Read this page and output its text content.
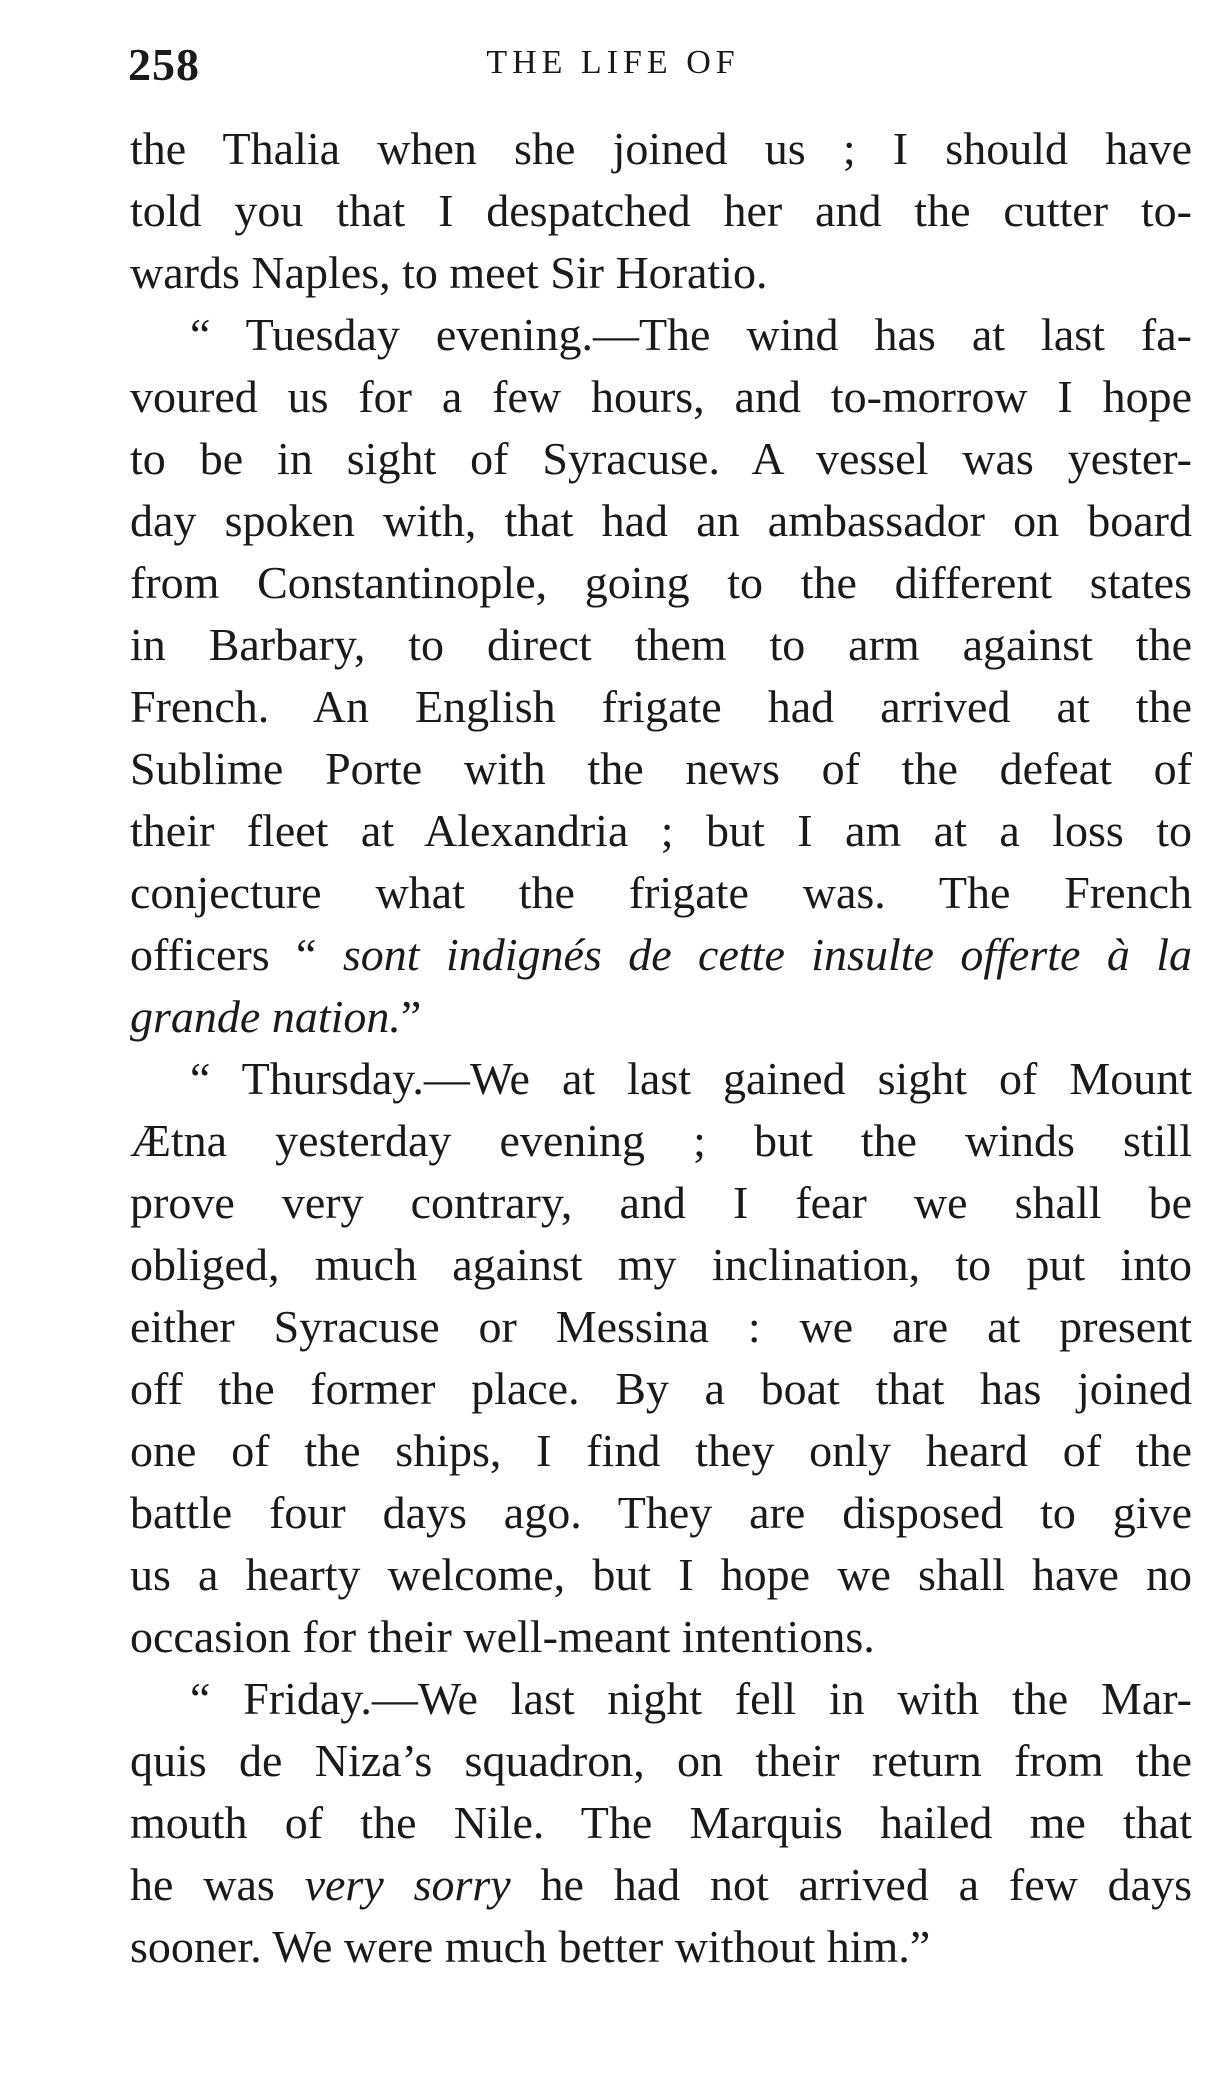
258	THE LIFE OF
the Thalia when she joined us ; I should have
told you that I despatched her and the cutter to-
wards Naples, to meet Sir Horatio.
“ Tuesday evening.—The wind has at last fa-
voured us for a few hours, and to-morrow I hope
to be in sight of Syracuse. A vessel was yester-
day spoken with, that had an ambassador on board
from Constantinople, going to the different states
in Barbary, to direct them to arm against the
French. An English frigate had arrived at the
Sublime Porte with the news of the defeat of
their fleet at Alexandria ; but I am at a loss to
conjecture what the frigate was. The French
officers “ sont indignés de cette insulte offerte à la
grande nation.”
“ Thursday.—We at last gained sight of Mount
Ætna yesterday evening ; but the winds still
prove very contrary, and I fear we shall be
obliged, much against my inclination, to put into
either Syracuse or Messina : we are at present
off the former place. By a boat that has joined
one of the ships, I find they only heard of the
battle four days ago. They are disposed to give
us a hearty welcome, but I hope we shall have no
occasion for their well-meant intentions.
“ Friday.—We last night fell in with the Mar-
quis de Niza’s squadron, on their return from the
mouth of the Nile. The Marquis hailed me that
he was very sorry he had not arrived a few days
sooner. We were much better without him.”
